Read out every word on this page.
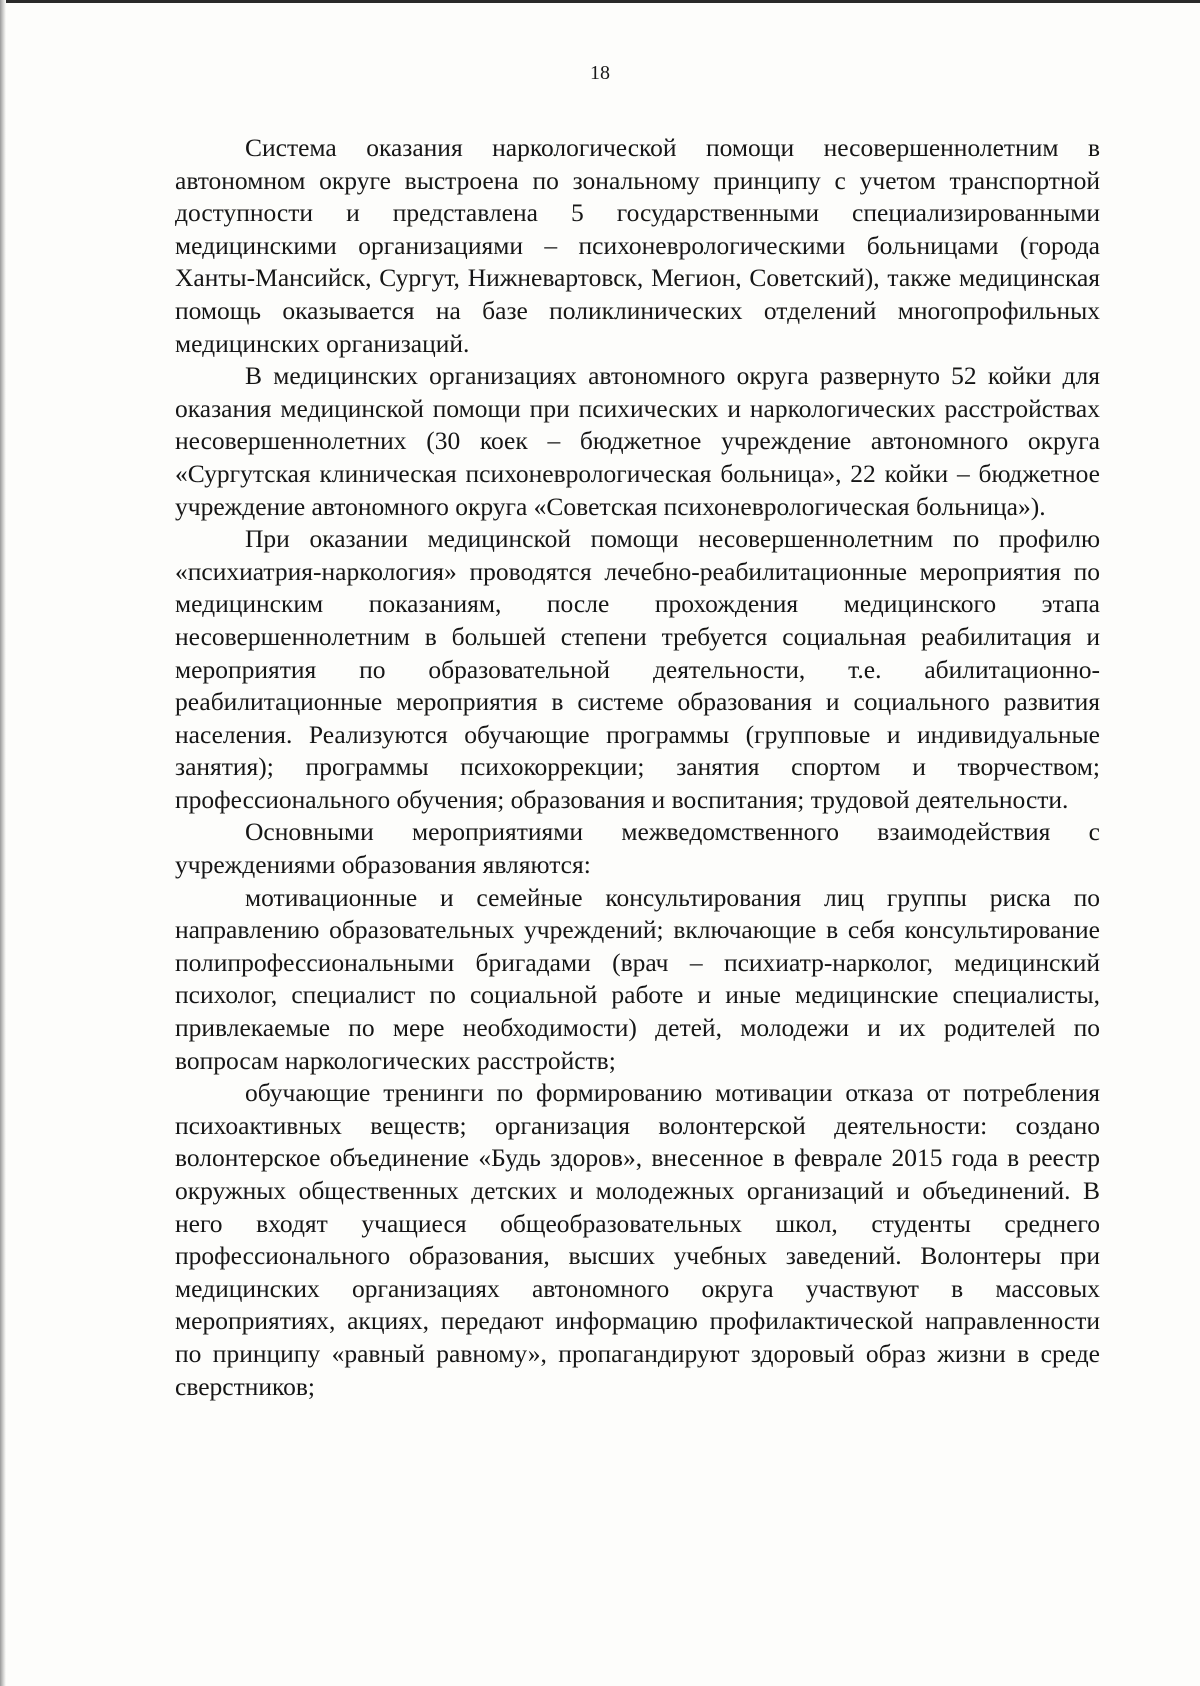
18

Система оказания наркологической помощи несовершеннолетним в автономном округе выстроена по зональному принципу с учетом транспортной доступности и представлена 5 государственными специализированными медицинскими организациями – психоневрологическими больницами (города Ханты-Мансийск, Сургут, Нижневартовск, Мегион, Советский), также медицинская помощь оказывается на базе поликлинических отделений многопрофильных медицинских организаций.

В медицинских организациях автономного округа развернуто 52 койки для оказания медицинской помощи при психических и наркологических расстройствах несовершеннолетних (30 коек – бюджетное учреждение автономного округа «Сургутская клиническая психоневрологическая больница», 22 койки – бюджетное учреждение автономного округа «Советская психоневрологическая больница»).

При оказании медицинской помощи несовершеннолетним по профилю «психиатрия-наркология» проводятся лечебно-реабилитационные мероприятия по медицинским показаниям, после прохождения медицинского этапа несовершеннолетним в большей степени требуется социальная реабилитация и мероприятия по образовательной деятельности, т.е. абилитационно-реабилитационные мероприятия в системе образования и социального развития населения. Реализуются обучающие программы (групповые и индивидуальные занятия); программы психокоррекции; занятия спортом и творчеством; профессионального обучения; образования и воспитания; трудовой деятельности.

Основными мероприятиями межведомственного взаимодействия с учреждениями образования являются:

мотивационные и семейные консультирования лиц группы риска по направлению образовательных учреждений; включающие в себя консультирование полипрофессиональными бригадами (врач – психиатр-нарколог, медицинский психолог, специалист по социальной работе и иные медицинские специалисты, привлекаемые по мере необходимости) детей, молодежи и их родителей по вопросам наркологических расстройств;

обучающие тренинги по формированию мотивации отказа от потребления психоактивных веществ; организация волонтерской деятельности: создано волонтерское объединение «Будь здоров», внесенное в феврале 2015 года в реестр окружных общественных детских и молодежных организаций и объединений. В него входят учащиеся общеобразовательных школ, студенты среднего профессионального образования, высших учебных заведений. Волонтеры при медицинских организациях автономного округа участвуют в массовых мероприятиях, акциях, передают информацию профилактической направленности по принципу «равный равному», пропагандируют здоровый образ жизни в среде сверстников;
